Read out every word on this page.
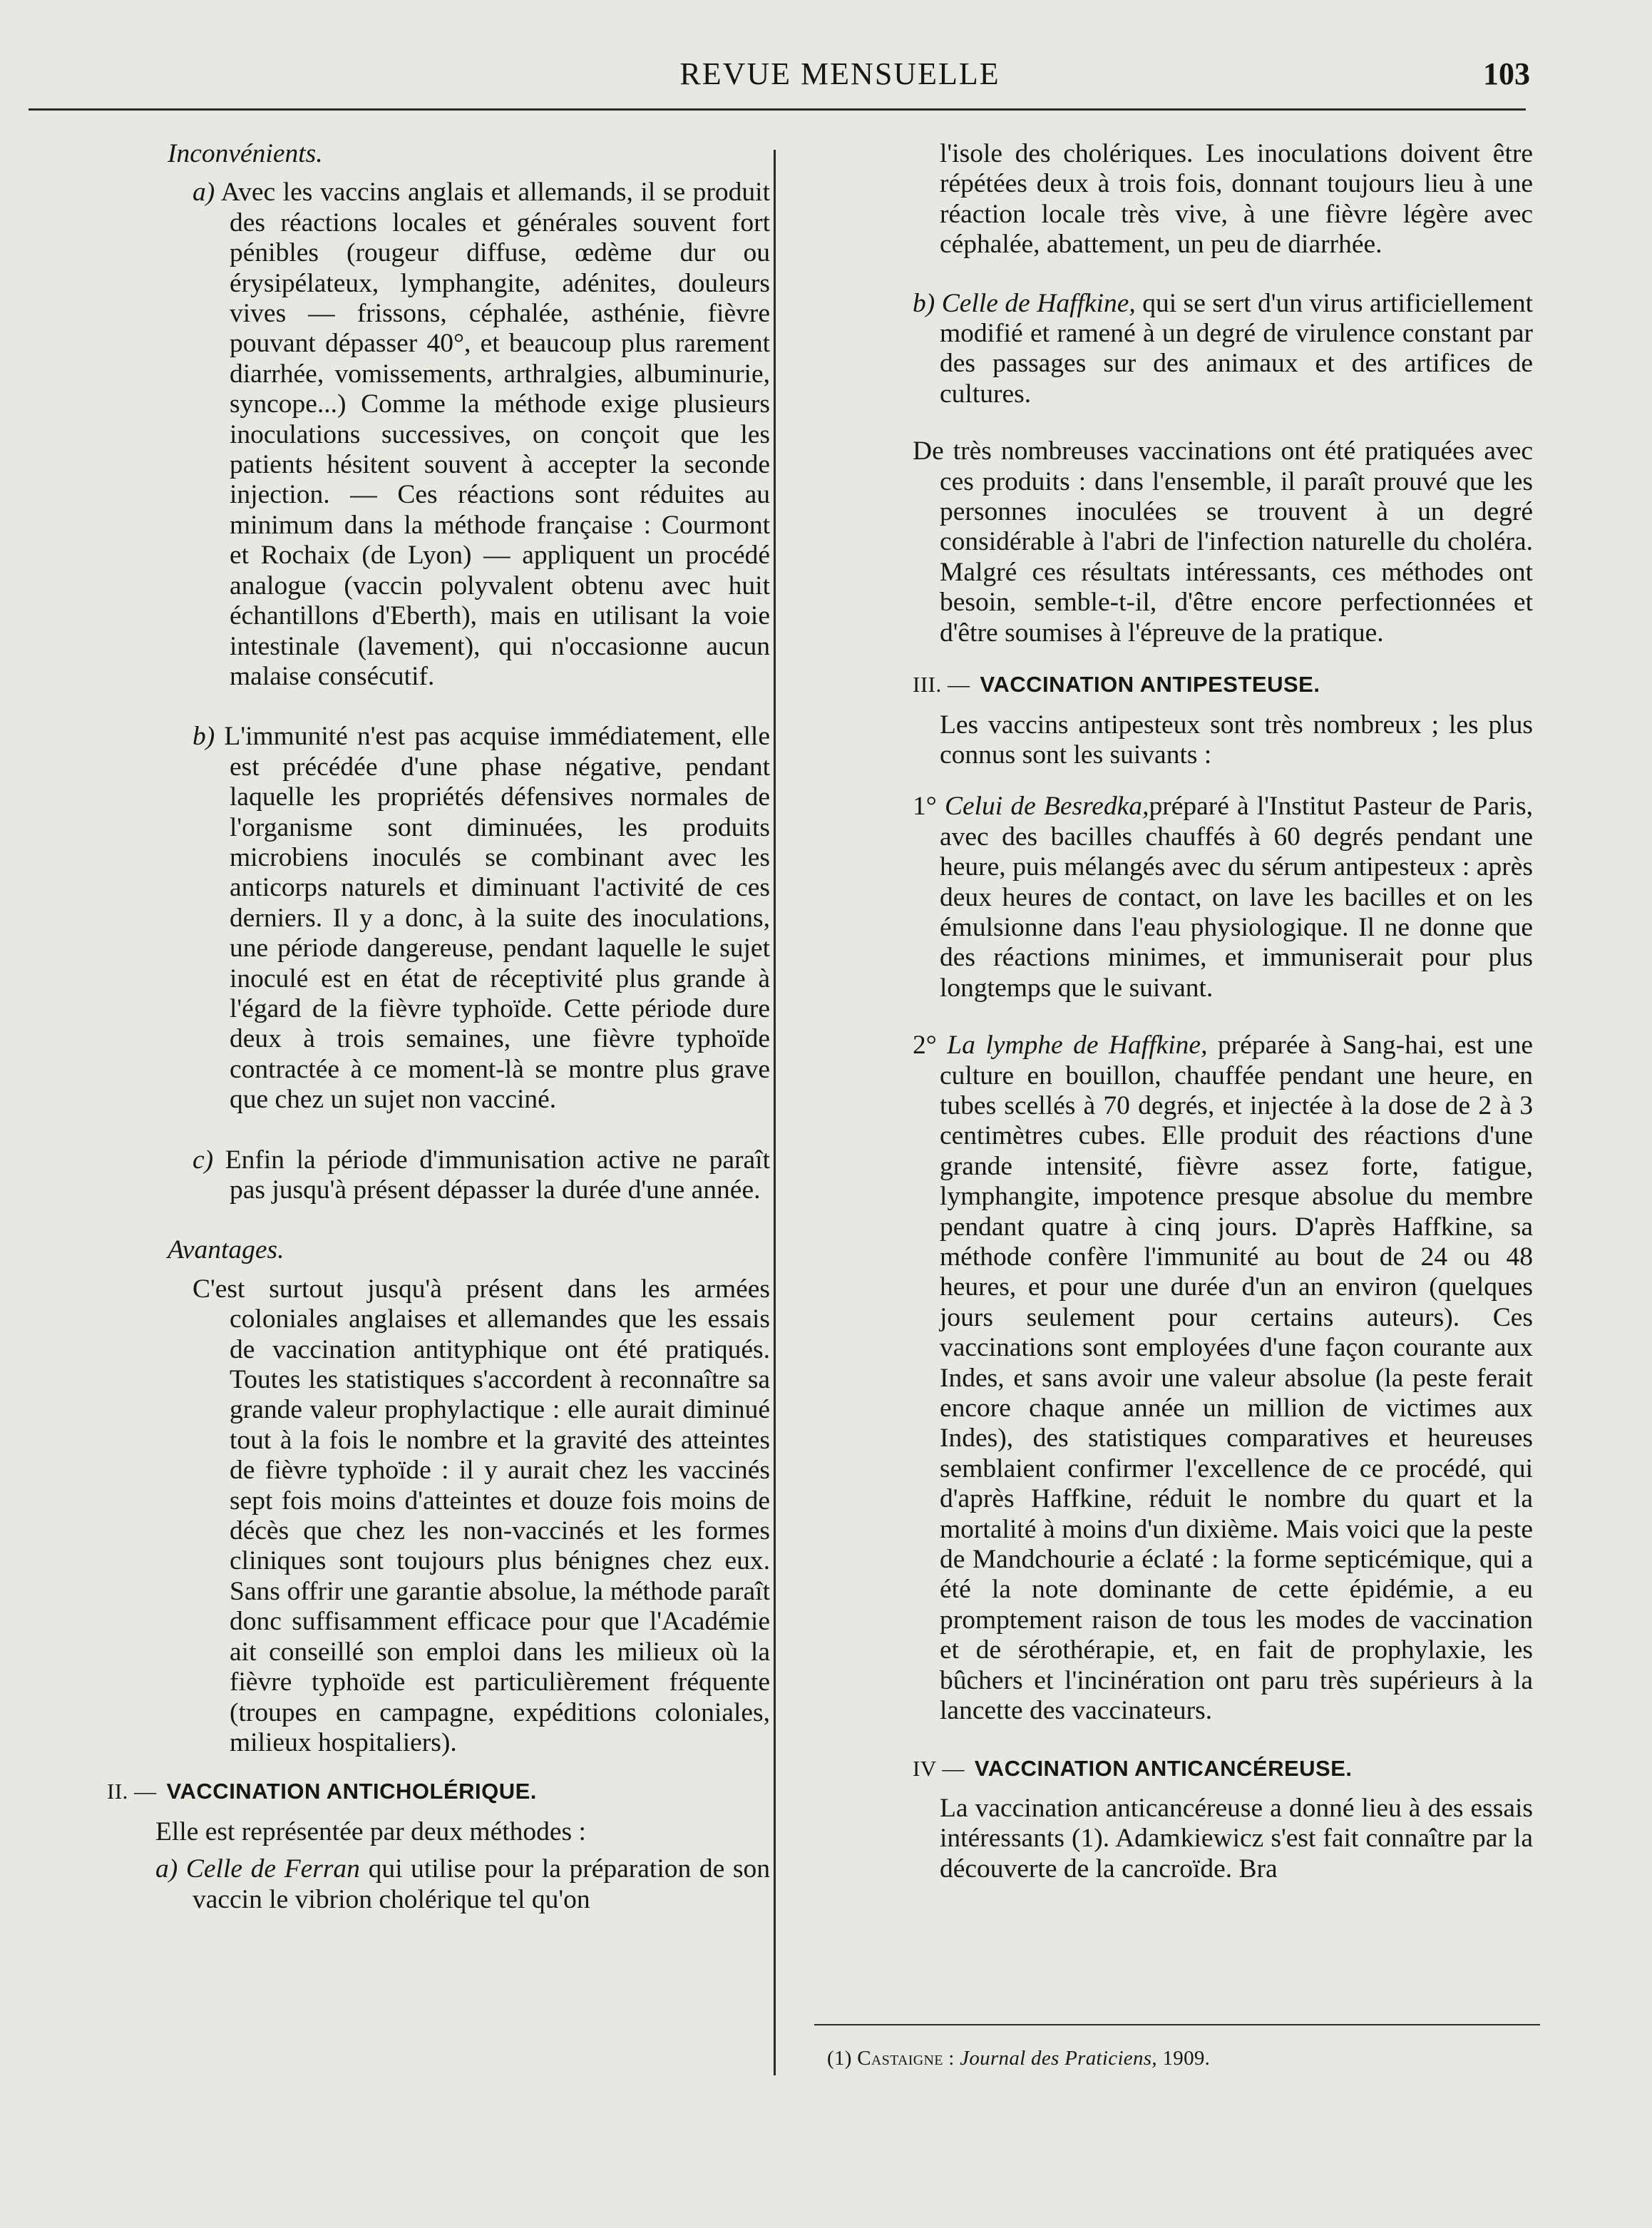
REVUE MENSUELLE	103

Inconvénients.

a) Avec les vaccins anglais et allemands, il se produit des réactions locales et générales souvent fort pénibles (rougeur diffuse, œdème dur ou érysipélateux, lymphangite, adénites, douleurs vives — frissons, céphalée, asthénie, fièvre pouvant dépasser 40°, et beaucoup plus rarement diarrhée, vomissements, arthralgies, albuminurie, syncope...) Comme la méthode exige plusieurs inoculations successives, on conçoit que les patients hésitent souvent à accepter la seconde injection. — Ces réactions sont réduites au minimum dans la méthode française : Courmont et Rochaix (de Lyon) — appliquent un procédé analogue (vaccin polyvalent obtenu avec huit échantillons d'Eberth), mais en utilisant la voie intestinale (lavement), qui n'occasionne aucun malaise consécutif.

b) L'immunité n'est pas acquise immédiatement, elle est précédée d'une phase négative, pendant laquelle les propriétés défensives normales de l'organisme sont diminuées, les produits microbiens inoculés se combinant avec les anticorps naturels et diminuant l'activité de ces derniers. Il y a donc, à la suite des inoculations, une période dangereuse, pendant laquelle le sujet inoculé est en état de réceptivité plus grande à l'égard de la fièvre typhoïde. Cette période dure deux à trois semaines, une fièvre typhoïde contractée à ce moment-là se montre plus grave que chez un sujet non vacciné.

c) Enfin la période d'immunisation active ne paraît pas jusqu'à présent dépasser la durée d'une année.

Avantages.

C'est surtout jusqu'à présent dans les armées coloniales anglaises et allemandes que les essais de vaccination antityphique ont été pratiqués. Toutes les statistiques s'accordent à reconnaître sa grande valeur prophylactique : elle aurait diminué tout à la fois le nombre et la gravité des atteintes de fièvre typhoïde : il y aurait chez les vaccinés sept fois moins d'atteintes et douze fois moins de décès que chez les non-vaccinés et les formes cliniques sont toujours plus bénignes chez eux. Sans offrir une garantie absolue, la méthode paraît donc suffisamment efficace pour que l'Académie ait conseillé son emploi dans les milieux où la fièvre typhoïde est particulièrement fréquente (troupes en campagne, expéditions coloniales, milieux hospitaliers).

II. — VACCINATION ANTICHOLÉRIQUE.

Elle est représentée par deux méthodes :

a) Celle de Ferran qui utilise pour la préparation de son vaccin le vibrion cholérique tel qu'on

l'isole des cholériques. Les inoculations doivent être répétées deux à trois fois, donnant toujours lieu à une réaction locale très vive, à une fièvre légère avec céphalée, abattement, un peu de diarrhée.

b) Celle de Haffkine, qui se sert d'un virus artificiellement modifié et ramené à un degré de virulence constant par des passages sur des animaux et des artifices de cultures.

De très nombreuses vaccinations ont été pratiquées avec ces produits : dans l'ensemble, il paraît prouvé que les personnes inoculées se trouvent à un degré considérable à l'abri de l'infection naturelle du choléra. Malgré ces résultats intéressants, ces méthodes ont besoin, semble-t-il, d'être encore perfectionnées et d'être soumises à l'épreuve de la pratique.

III. — VACCINATION ANTIPESTEUSE.

Les vaccins antipesteux sont très nombreux ; les plus connus sont les suivants :

1° Celui de Besredka,préparé à l'Institut Pasteur de Paris, avec des bacilles chauffés à 60 degrés pendant une heure, puis mélangés avec du sérum antipesteux : après deux heures de contact, on lave les bacilles et on les émulsionne dans l'eau physiologique. Il ne donne que des réactions minimes, et immuniserait pour plus longtemps que le suivant.

2° La lymphe de Haffkine, préparée à Sang-hai, est une culture en bouillon, chauffée pendant une heure, en tubes scellés à 70 degrés, et injectée à la dose de 2 à 3 centimètres cubes. Elle produit des réactions d'une grande intensité, fièvre assez forte, fatigue, lymphangite, impotence presque absolue du membre pendant quatre à cinq jours. D'après Haffkine, sa méthode confère l'immunité au bout de 24 ou 48 heures, et pour une durée d'un an environ (quelques jours seulement pour certains auteurs). Ces vaccinations sont employées d'une façon courante aux Indes, et sans avoir une valeur absolue (la peste ferait encore chaque année un million de victimes aux Indes), des statistiques comparatives et heureuses semblaient confirmer l'excellence de ce procédé, qui d'après Haffkine, réduit le nombre du quart et la mortalité à moins d'un dixième. Mais voici que la peste de Mandchourie a éclaté : la forme septicémique, qui a été la note dominante de cette épidémie, a eu promptement raison de tous les modes de vaccination et de sérothérapie, et, en fait de prophylaxie, les bûchers et l'incinération ont paru très supérieurs à la lancette des vaccinateurs.

IV — VACCINATION ANTICANCÉREUSE.

La vaccination anticancéreuse a donné lieu à des essais intéressants (1). Adamkiewicz s'est fait connaître par la découverte de la cancroïde. Bra

(1) Castaigne : Journal des Praticiens, 1909.
